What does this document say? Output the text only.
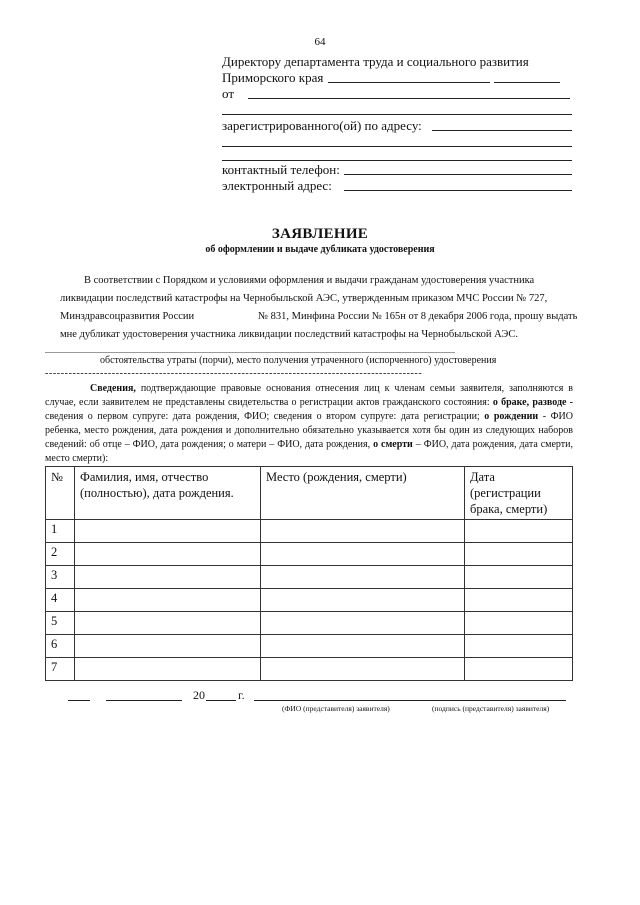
64
Директору департамента труда и социального развития
Приморского края
от
зарегистрированного(ой) по адресу:
контактный телефон:
электронный адрес:
ЗАЯВЛЕНИЕ
об оформлении и выдаче дубликата удостоверения
В соответствии с Порядком и условиями оформления и выдачи гражданам удостоверения участника
ликвидации последствий катастрофы на Чернобыльской АЭС, утвержденным приказом МЧС России № 727,
Минздравсоцразвития России	№ 831, Минфина России № 165н от 8 декабря 2006 года, прошу выдать
мне дубликат удостоверения участника ликвидации последствий катастрофы на Чернобыльской АЭС.
обстоятельства утраты (порчи), место получения утраченного (испорченного) удостоверения
------------------------------------------------------------------------------------------------
Сведения, подтверждающие правовые основания отнесения лиц к членам семьи заявителя, заполняются в случае, если заявителем не представлены свидетельства о регистрации актов гражданского состояния: о браке, разводе - сведения о первом супруге: дата рождения, ФИО; сведения о втором супруге: дата регистрации; о рождении - ФИО ребенка, место рождения, дата рождения и дополнительно обязательно указывается хотя бы один из следующих наборов сведений: об отце – ФИО, дата рождения; о матери – ФИО, дата рождения, о смерти – ФИО, дата рождения, дата смерти, место смерти):
№	Фамилия, имя, отчество (полностью), дата рождения.	Место (рождения, смерти)	Дата (регистрации брака, смерти)
1			
2			
3			
4			
5			
6			
7			
20	г.
(ФИО (представителя) заявителя)	(подпись (представителя) заявителя)
